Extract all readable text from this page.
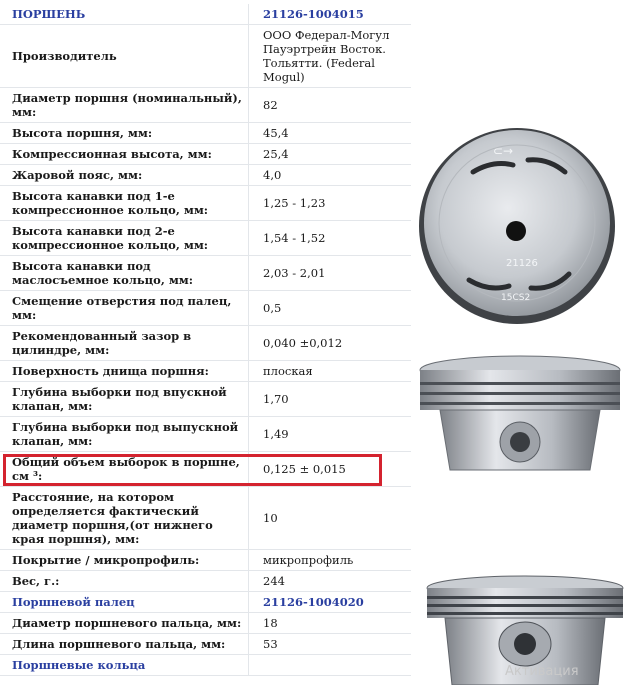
ПОРШЕНЬ	21126-1004015
Производитель	ООО Федерал-Могул Пауэртрейн Восток. Тольятти. (Federal Mogul)
Диаметр поршня (номинальный), мм:	82
Высота поршня, мм:	45,4
Компрессионная высота, мм:	25,4
Жаровой пояс, мм:	4,0
Высота канавки под 1-е компрессионное кольцо, мм:	1,25 - 1,23
Высота канавки под 2-е компрессионное кольцо, мм:	1,54 - 1,52
Высота канавки под маслосъемное кольцо, мм:	2,03 - 2,01
Смещение отверстия под палец, мм:	0,5
Рекомендованный зазор в цилиндре, мм:	0,040 ±0,012
Поверхность днища поршня:	плоская
Глубина выборки под впускной клапан, мм:	1,70
Глубина выборки под выпускной клапан, мм:	1,49
Общий объем выборок в поршне, см ³:	0,125 ± 0,015
Расстояние, на котором определяется фактический диаметр поршня,(от нижнего края поршня), мм:	10
Покрытие / микропрофиль:	микропрофиль
Вес, г.:	244
Поршневой палец	21126-1004020
Диаметр поршневого пальца, мм:	18
Длина поршневого пальца, мм:	53
Поршневые кольца	
⊂→
21126
15CS2
Активация
